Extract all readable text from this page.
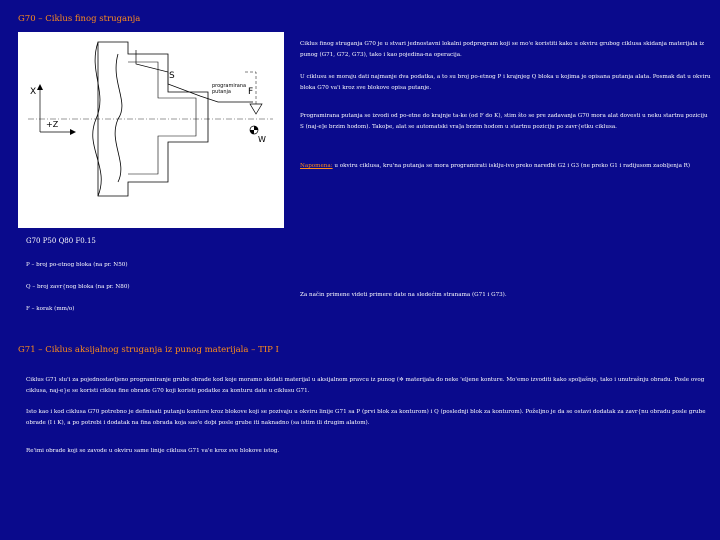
G70 – Ciklus finog struganja
Ciklus finog struganja G70 je u stvari jednostavni lokalni podprogram koji se mo'e koristiti kako u okviru grubog ciklusa skidanja materijala iz punog (G71, G72, G73), tako i kao pojedina-na operacija.
U ciklusu se moraju dati najmanje dva podatka, a to su broj po-etnog P i krajnjeg Q bloka u kojima je opisana putanja alata. Posmak dat u okviru bloka G70 va'i kroz sve blokove opisa putanje.
Programirana putanja se izvodi od po-etne do krajnje ta-ke (od F do K), stim što se pre zadavanja G70 mora alat dovesti u neku startnu poziciju S (naj-e]e brzim hodom). Takoþe, alat se automatski vra]a brzim hodom u startnu poziciju po zavr{etku ciklusa.
Napomena: u okviru ciklusa, kru'na putanja se mora programirati isklju-ivo preko naredbi G2 i G3 (ne preko G1 i radijusom zaobljenja R)
X
+Z
S
F
W
programirana
putanja
G70 P50 Q80 F0.15
P – broj po-etnog bloka (na pr. N50)
Q – broj zavr{nog bloka (na pr. N80)
F – korak (mm/o)
Za način primene videti primere date na sledećim stranama (G71 i G73).
G71 – Ciklus aksijalnog struganja iz punog materijala – TIP I
Ciklus G71 slu'i za pojednostavljeno programiranje grube obrade kod koje moramo skidati materijal u aksijalnom pravcu iz punog (✲ materijala do neke 'eljene konture. Mo'emo izvoditi kako spoljašnje, tako i unutrašnju obradu. Posle ovog ciklusa, naj-e}e se koristi ciklus fine obrade G70 koji koristi podatke za konturu date u ciklusu G71.
Isto kao i kod ciklusa G70 potrebno je definisati putanju konture kroz blokove koji se pozivaju u okviru linije G71 sa P (prvi blok za konturom) i Q (poslednji blok za konturom). Poželjno je da se ostavi dodatak za zavr{nu obradu posle grube obrade (I i K), a po potrebi i dodatak na fina obrada koja sao'e doþi posle grube iti naknadno (sa istim ili drugim alatom).
Re'imi obrade koji se zavode u okviru same linije ciklusa G71 va'e kroz sve blokove istog.
